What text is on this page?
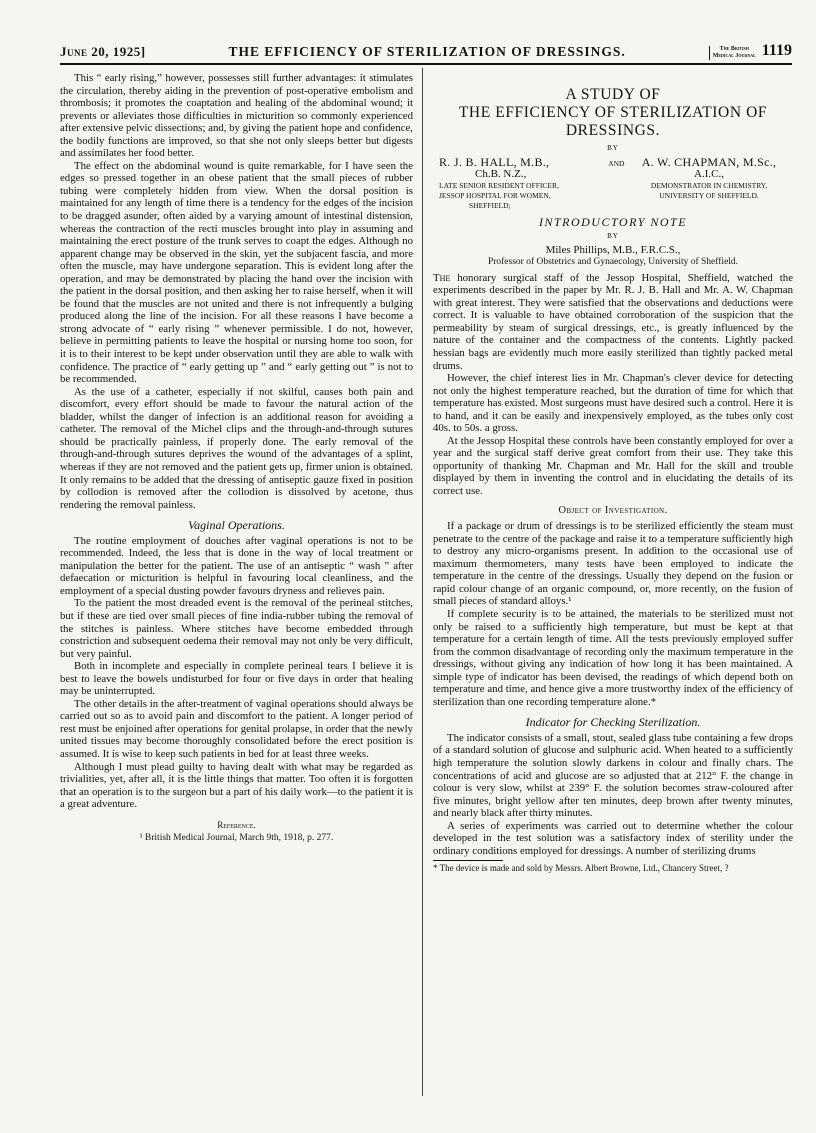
June 20, 1925]	THE EFFICIENCY OF STERILIZATION OF DRESSINGS.	The British
Medical Journal 1119

This “ early rising,” however, possesses still further advantages: it stimulates the circulation, thereby aiding in the prevention of post-operative embolism and thrombosis; it promotes the coaptation and healing of the abdominal wound; it prevents or alleviates those difficulties in micturition so commonly experienced after extensive pelvic dissections; and, by giving the patient hope and confidence, the bodily functions are improved, so that she not only sleeps better but digests and assimilates her food better.

The effect on the abdominal wound is quite remarkable, for I have seen the edges so pressed together in an obese patient that the small pieces of rubber tubing were completely hidden from view. When the dorsal position is maintained for any length of time there is a tendency for the edges of the incision to be dragged asunder, often aided by a varying amount of intestinal distension, whereas the contraction of the recti muscles brought into play in assuming and maintaining the erect posture of the trunk serves to coapt the edges. Although no apparent change may be observed in the skin, yet the subjacent fascia, and more often the muscle, may have undergone separation. This is evident long after the operation, and may be demonstrated by placing the hand over the incision with the patient in the dorsal position, and then asking her to raise herself, when it will be found that the muscles are not united and there is not infrequently a bulging produced along the line of the incision. For all these reasons I have become a strong advocate of “ early rising ” whenever permissible. I do not, however, believe in permitting patients to leave the hospital or nursing home too soon, for it is to their interest to be kept under observation until they are able to walk with confidence. The practice of “ early getting up ” and “ early getting out ” is not to be recommended.

As the use of a catheter, especially if not skilful, causes both pain and discomfort, every effort should be made to favour the natural action of the bladder, whilst the danger of infection is an additional reason for avoiding a catheter. The removal of the Michel clips and the through-and-through sutures should be practically painless, if properly done. The early removal of the through-and-through sutures deprives the wound of the advantages of a splint, whereas if they are not removed and the patient gets up, firmer union is obtained. It only remains to be added that the dressing of antiseptic gauze fixed in position by collodion is removed after the collodion is dissolved by acetone, thus rendering the removal painless.

Vaginal Operations.

The routine employment of douches after vaginal operations is not to be recommended. Indeed, the less that is done in the way of local treatment or manipulation the better for the patient. The use of an antiseptic “ wash ” after defaecation or micturition is helpful in favouring local cleanliness, and the employment of a special dusting powder favours dryness and relieves pain.

To the patient the most dreaded event is the removal of the perineal stitches, but if these are tied over small pieces of fine india-rubber tubing the removal of the stitches is painless. Where stitches have become embedded through constriction and subsequent oedema their removal may not only be very difficult, but very painful.

Both in incomplete and especially in complete perineal tears I believe it is best to leave the bowels undisturbed for four or five days in order that healing may be uninterrupted.

The other details in the after-treatment of vaginal operations should always be carried out so as to avoid pain and discomfort to the patient. A longer period of rest must be enjoined after operations for genital prolapse, in order that the newly united tissues may become thoroughly consolidated before the erect position is assumed. It is wise to keep such patients in bed for at least three weeks.

Although I must plead guilty to having dealt with what may be regarded as trivialities, yet, after all, it is the little things that matter. Too often it is forgotten that an operation is to the surgeon but a part of his daily work—to the patient it is a great adventure.

Reference.

¹ British Medical Journal, March 9th, 1918, p. 277.

A STUDY OF
THE EFFICIENCY OF STERILIZATION OF
DRESSINGS.
BY
R. J. B. HALL, M.B.,
Ch.B. N.Z.,
LATE SENIOR RESIDENT OFFICER,
JESSOP HOSPITAL FOR WOMEN,
SHEFFIELD;
AND	A. W. CHAPMAN, M.Sc.,
A.I.C.,
DEMONSTRATOR IN CHEMISTRY,
UNIVERSITY OF SHEFFIELD.
INTRODUCTORY NOTE
BY
Miles Phillips, M.B., F.R.C.S.,
Professor of Obstetrics and Gynaecology, University of Sheffield.

The honorary surgical staff of the Jessop Hospital, Sheffield, watched the experiments described in the paper by Mr. R. J. B. Hall and Mr. A. W. Chapman with great interest. They were satisfied that the observations and deductions were correct. It is valuable to have obtained corroboration of the suspicion that the permeability by steam of surgical dressings, etc., is greatly influenced by the nature of the container and the compactness of the contents. Lightly packed hessian bags are evidently much more easily sterilized than tightly packed metal drums.

However, the chief interest lies in Mr. Chapman's clever device for detecting not only the highest temperature reached, but the duration of time for which that temperature has existed. Most surgeons must have desired such a control. Here it is to hand, and it can be easily and inexpensively employed, as the tubes only cost 40s. to 50s. a gross.

At the Jessop Hospital these controls have been constantly employed for over a year and the surgical staff derive great comfort from their use. They take this opportunity of thanking Mr. Chapman and Mr. Hall for the skill and trouble displayed by them in inventing the control and in elucidating the details of its correct use.

Object of Investigation.

If a package or drum of dressings is to be sterilized efficiently the steam must penetrate to the centre of the package and raise it to a temperature sufficiently high to destroy any micro-organisms present. In addition to the occasional use of maximum thermometers, many tests have been employed to indicate the temperature in the centre of the dressings. Usually they depend on the fusion or rapid colour change of an organic compound, or, more recently, on the fusion of small pieces of standard alloys.¹

If complete security is to be attained, the materials to be sterilized must not only be raised to a sufficiently high temperature, but must be kept at that temperature for a certain length of time. All the tests previously employed suffer from the common disadvantage of recording only the maximum temperature in the dressings, without giving any indication of how long it has been maintained. A simple type of indicator has been devised, the readings of which depend both on temperature and time, and hence give a more trustworthy index of the efficiency of sterilization than one recording temperature alone.*

Indicator for Checking Sterilization.

The indicator consists of a small, stout, sealed glass tube containing a few drops of a standard solution of glucose and sulphuric acid. When heated to a sufficiently high temperature the solution slowly darkens in colour and finally chars. The concentrations of acid and glucose are so adjusted that at 212° F. the change in colour is very slow, whilst at 239° F. the solution becomes straw-coloured after five minutes, bright yellow after ten minutes, deep brown after twenty minutes, and nearly black after thirty minutes.

A series of experiments was carried out to determine whether the colour developed in the test solution was a satisfactory index of sterility under the ordinary conditions employed for dressings. A number of sterilizing drums

* The device is made and sold by Messrs. Albert Browne, Ltd., Chancery Street, ?
